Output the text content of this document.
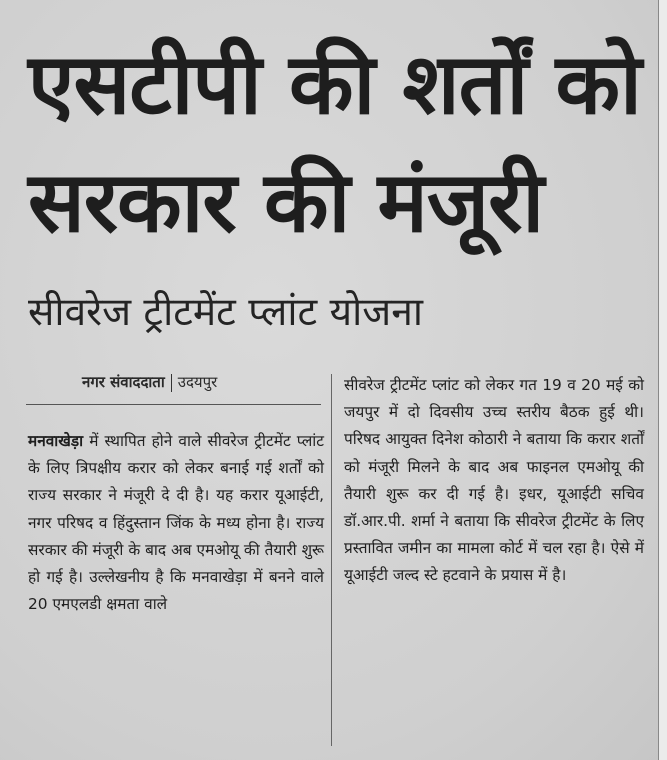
एसटीपी की शर्तों को
सरकार की मंजूरी
सीवरेज ट्रीटमेंट प्लांट योजना
नगर संवाददाता उदयपुर

मनवाखेड़ा में स्थापित होने वाले सीवरेज ट्रीटमेंट प्लांट के लिए त्रिपक्षीय करार को लेकर बनाई गई शर्तों को राज्य सरकार ने मंजूरी दे दी है। यह करार यूआईटी, नगर परिषद व हिंदुस्तान जिंक के मध्य होना है। राज्य सरकार की मंजूरी के बाद अब एमओयू की तैयारी शुरू हो गई है। उल्लेखनीय है कि मनवाखेड़ा में बनने वाले 20 एमएलडी क्षमता वाले

सीवरेज ट्रीटमेंट प्लांट को लेकर गत 19 व 20 मई को जयपुर में दो दिवसीय उच्च स्तरीय बैठक हुई थी। परिषद आयुक्त दिनेश कोठारी ने बताया कि करार शर्तों को मंजूरी मिलने के बाद अब फाइनल एमओयू की तैयारी शुरू कर दी गई है। इधर, यूआईटी सचिव डॉ.आर.पी. शर्मा ने बताया कि सीवरेज ट्रीटमेंट के लिए प्रस्तावित जमीन का मामला कोर्ट में चल रहा है। ऐसे में यूआईटी जल्द स्टे हटवाने के प्रयास में है।
